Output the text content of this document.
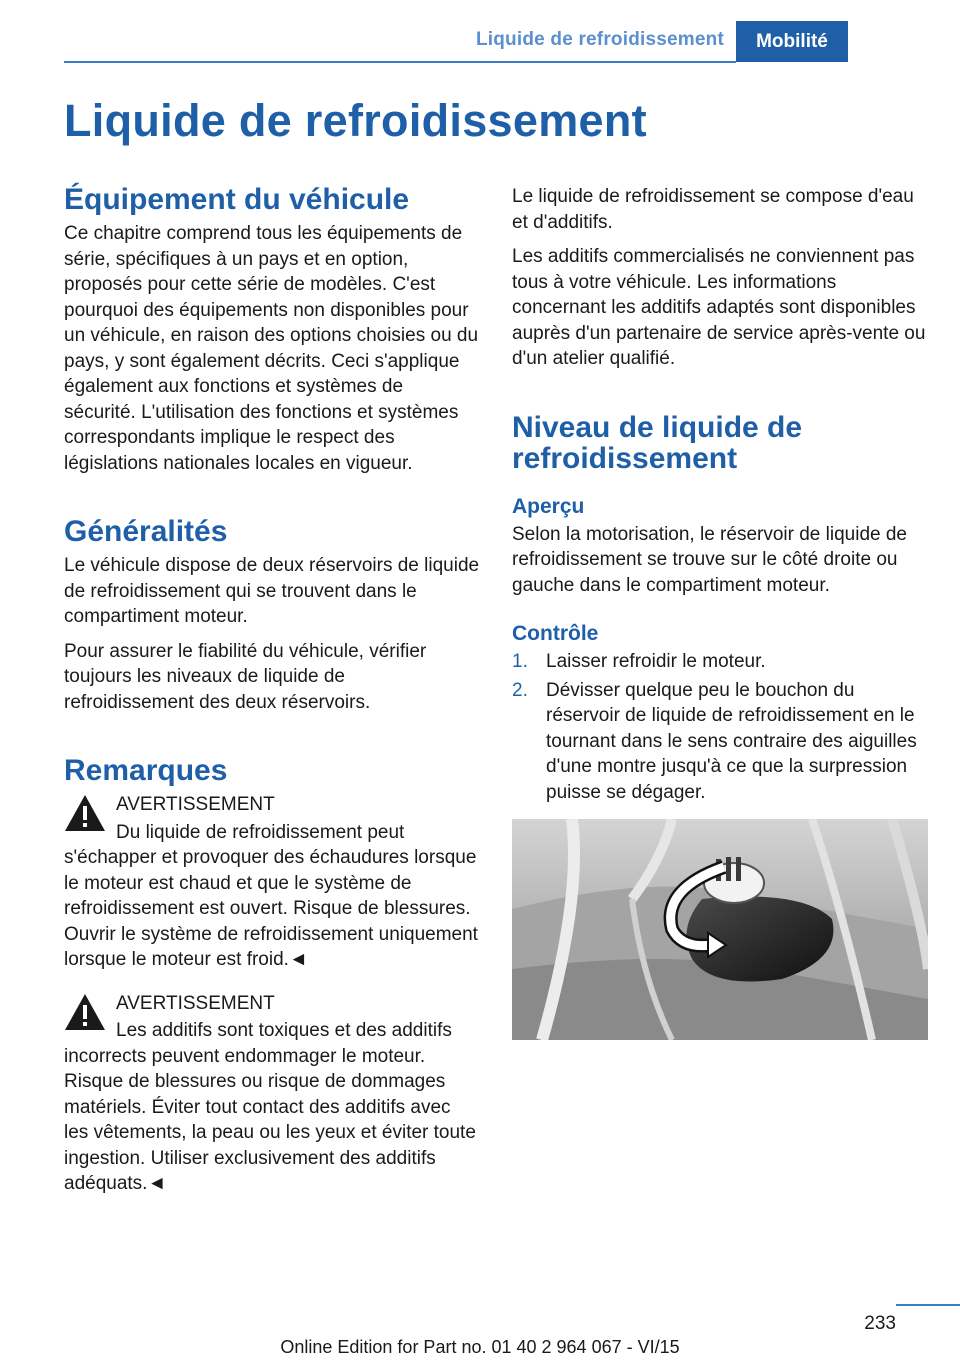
Liquide de refroidissement	Mobilité
Liquide de refroidissement
Équipement du véhicule

Ce chapitre comprend tous les équipements de série, spécifiques à un pays et en option, proposés pour cette série de modèles. C'est pourquoi des équipements non disponibles pour un véhicule, en raison des options choisies ou du pays, y sont également décrits. Ceci s'applique également aux fonctions et systèmes de sécurité. L'utilisation des fonctions et systèmes correspondants implique le respect des législations nationales locales en vigueur.

Généralités

Le véhicule dispose de deux réservoirs de liquide de refroidissement qui se trouvent dans le compartiment moteur.

Pour assurer le fiabilité du véhicule, vérifier toujours les niveaux de liquide de refroidissement des deux réservoirs.

Remarques

AVERTISSEMENT

Du liquide de refroidissement peut

s'échapper et provoquer des échaudures lorsque le moteur est chaud et que le système de refroidissement est ouvert. Risque de blessures. Ouvrir le système de refroidissement uniquement lorsque le moteur est froid.◄

AVERTISSEMENT

Les additifs sont toxiques et des additifs

incorrects peuvent endommager le moteur. Risque de blessures ou risque de dommages matériels. Éviter tout contact des additifs avec les vêtements, la peau ou les yeux et éviter toute ingestion. Utiliser exclusivement des additifs adéquats.◄

Le liquide de refroidissement se compose d'eau et d'additifs.

Les additifs commercialisés ne conviennent pas tous à votre véhicule. Les informations concernant les additifs adaptés sont disponibles auprès d'un partenaire de service après-vente ou d'un atelier qualifié.

Niveau de liquide de refroidissement
Aperçu

Selon la motorisation, le réservoir de liquide de refroidissement se trouve sur le côté droite ou gauche dans le compartiment moteur.

Contrôle
1. Laisser refroidir le moteur.
2. Dévisser quelque peu le bouchon du réservoir de liquide de refroidissement en le tournant dans le sens contraire des aiguilles d'une montre jusqu'à ce que la surpression puisse se dégager.
233
Online Edition for Part no. 01 40 2 964 067 - VI/15
